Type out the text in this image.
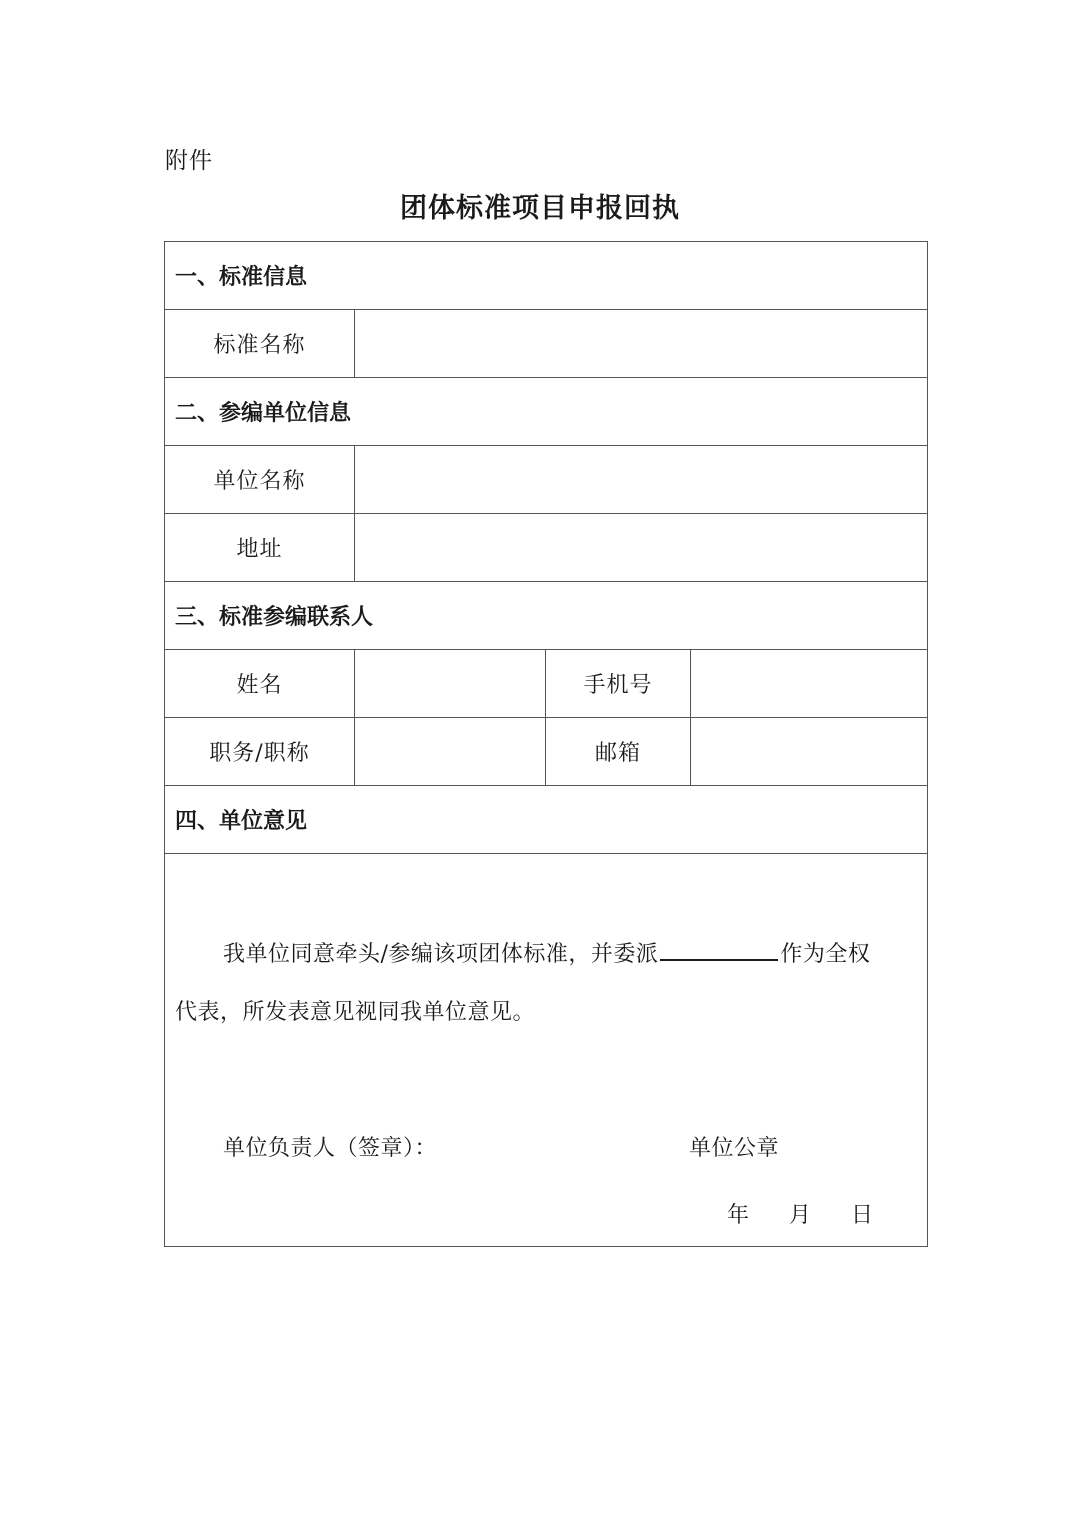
附件
团体标准项目申报回执
一、标准信息			
标准名称			
二、参编单位信息			
单位名称			
地址			
三、标准参编联系人			
姓名		手机号	
职务/职称		邮箱	
四、单位意见			

我单位同意牵头/参编该项团体标准，并委派 作为全权
代表，所发表意见视同我单位意见。
单位负责人（签章）： 单位公章
年 月 日			
